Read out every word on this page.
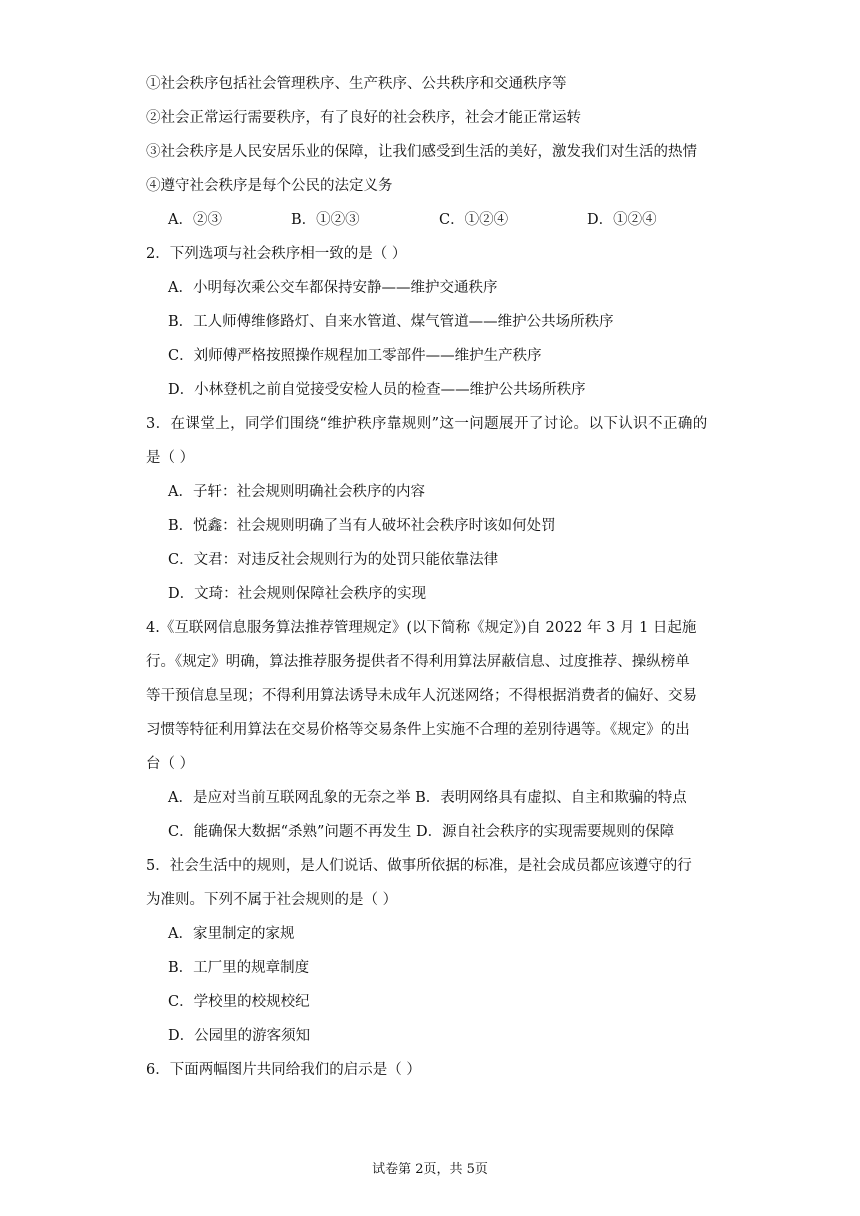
①社会秩序包括社会管理秩序、生产秩序、公共秩序和交通秩序等
②社会正常运行需要秩序，有了良好的社会秩序，社会才能正常运转
③社会秩序是人民安居乐业的保障，让我们感受到生活的美好，激发我们对生活的热情
④遵守社会秩序是每个公民的法定义务
A．②③	B．①②③	C．①②④	D．①②④
2．下列选项与社会秩序相一致的是（ ）
A．小明每次乘公交车都保持安静——维护交通秩序
B．工人师傅维修路灯、自来水管道、煤气管道——维护公共场所秩序
C．刘师傅严格按照操作规程加工零部件——维护生产秩序
D．小林登机之前自觉接受安检人员的检查——维护公共场所秩序
3．在课堂上，同学们围绕“维护秩序靠规则”这一问题展开了讨论。以下认识不正确的
是（ ）
A．子轩：社会规则明确社会秩序的内容
B．悦鑫：社会规则明确了当有人破坏社会秩序时该如何处罚
C．文君：对违反社会规则行为的处罚只能依靠法律
D．文琦：社会规则保障社会秩序的实现
4.《互联网信息服务算法推荐管理规定》(以下简称《规定》)自 2022 年 3 月 1 日起施
行。《规定》明确，算法推荐服务提供者不得利用算法屏蔽信息、过度推荐、操纵榜单
等干预信息呈现；不得利用算法诱导未成年人沉迷网络；不得根据消费者的偏好、交易
习惯等特征利用算法在交易价格等交易条件上实施不合理的差别待遇等。《规定》的出
台（ ）
A．是应对当前互联网乱象的无奈之举 B．表明网络具有虚拟、自主和欺骗的特点
C．能确保大数据“杀熟”问题不再发生 D．源自社会秩序的实现需要规则的保障
5．社会生活中的规则，是人们说话、做事所依据的标准，是社会成员都应该遵守的行
为准则。下列不属于社会规则的是（ ）
A．家里制定的家规
B．工厂里的规章制度
C．学校里的校规校纪
D．公园里的游客须知
6．下面两幅图片共同给我们的启示是（ ）
试卷第 2页，共 5页
